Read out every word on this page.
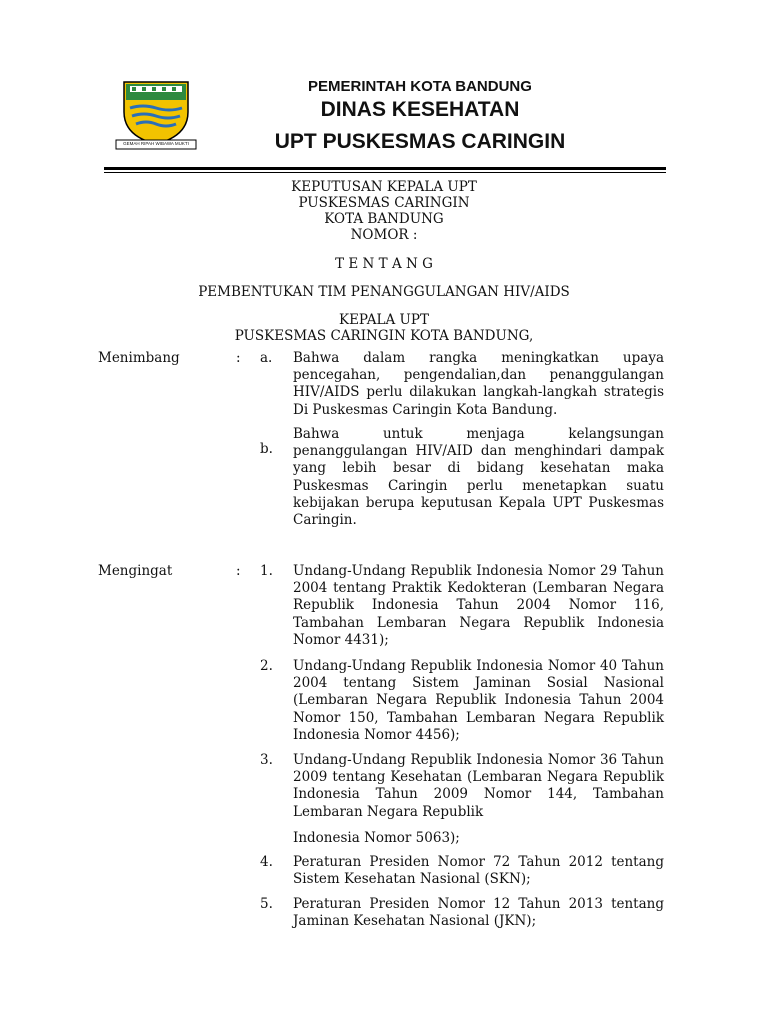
GEMAH RIPAH WIBAWA MUKTI
PEMERINTAH KOTA BANDUNG
DINAS KESEHATAN
UPT PUSKESMAS CARINGIN
KEPUTUSAN KEPALA UPT
PUSKESMAS CARINGIN
KOTA BANDUNG
NOMOR :
T E N T A N G
PEMBENTUKAN TIM PENANGGULANGAN HIV/AIDS
KEPALA UPT
PUSKESMAS CARINGIN KOTA BANDUNG,
Menimbang	: a. Bahwa dalam rangka meningkatkan upaya pencegahan, pengendalian,dan penanggulangan HIV/AIDS perlu dilakukan langkah-langkah strategis Di Puskesmas Caringin Kota Bandung.
b.
Bahwa untuk menjaga kelangsungan penanggulangan HIV/AID dan menghindari dampak yang lebih besar di bidang kesehatan maka Puskesmas Caringin perlu menetapkan suatu kebijakan berupa keputusan Kepala UPT Puskesmas Caringin.
Mengingat	: 1. Undang-Undang Republik Indonesia Nomor 29 Tahun 2004 tentang Praktik Kedokteran (Lembaran Negara Republik Indonesia Tahun 2004 Nomor 116, Tambahan Lembaran Negara Republik Indonesia Nomor 4431);
2. Undang-Undang Republik Indonesia Nomor 40 Tahun 2004 tentang Sistem Jaminan Sosial Nasional (Lembaran Negara Republik Indonesia Tahun 2004 Nomor 150, Tambahan Lembaran Negara Republik Indonesia Nomor 4456);
3. Undang-Undang Republik Indonesia Nomor 36 Tahun 2009 tentang Kesehatan (Lembaran Negara Republik Indonesia Tahun 2009 Nomor 144, Tambahan Lembaran Negara Republik
Indonesia Nomor 5063);
4. Peraturan Presiden Nomor 72 Tahun 2012 tentang Sistem Kesehatan Nasional (SKN);
5. Peraturan Presiden Nomor 12 Tahun 2013 tentang Jaminan Kesehatan Nasional (JKN);
